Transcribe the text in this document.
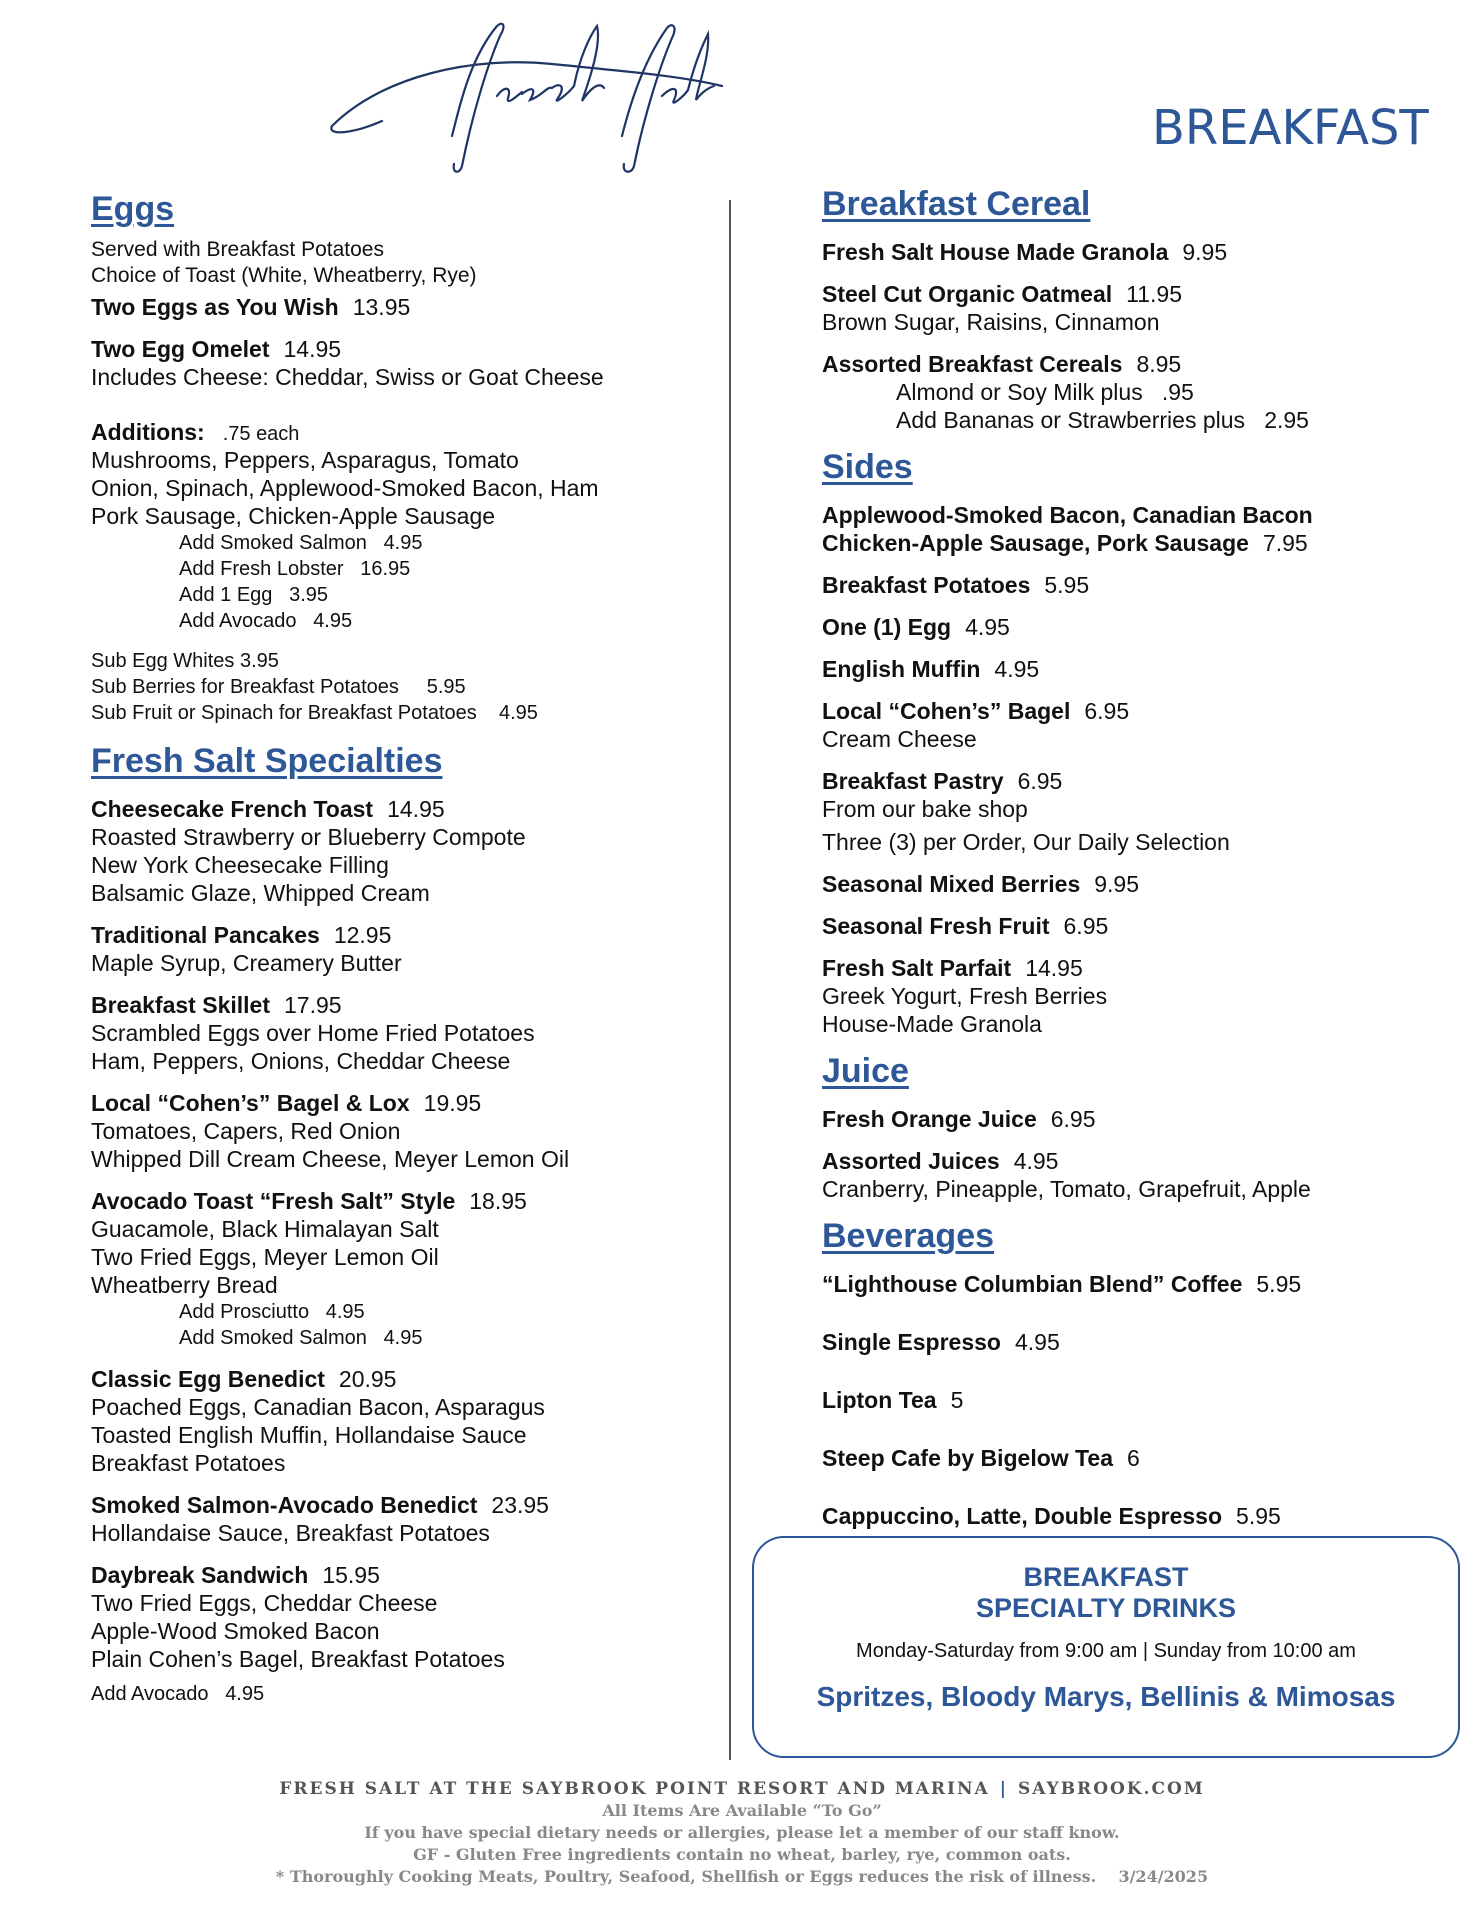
BREAKFAST
Eggs
Served with Breakfast Potatoes
Choice of Toast (White, Wheatberry, Rye)
Two Eggs as You Wish 13.95
Two Egg Omelet 14.95
Includes Cheese: Cheddar, Swiss or Goat Cheese
Additions: .75 each
Mushrooms, Peppers, Asparagus, Tomato
Onion, Spinach, Applewood-Smoked Bacon, Ham
Pork Sausage, Chicken-Apple Sausage
Add Smoked Salmon 4.95
Add Fresh Lobster 16.95
Add 1 Egg 3.95
Add Avocado 4.95
Sub Egg Whites 3.95
Sub Berries for Breakfast Potatoes 5.95
Sub Fruit or Spinach for Breakfast Potatoes 4.95
Fresh Salt Specialties
Cheesecake French Toast 14.95
Roasted Strawberry or Blueberry Compote
New York Cheesecake Filling
Balsamic Glaze, Whipped Cream
Traditional Pancakes 12.95
Maple Syrup, Creamery Butter
Breakfast Skillet 17.95
Scrambled Eggs over Home Fried Potatoes
Ham, Peppers, Onions, Cheddar Cheese
Local “Cohen’s” Bagel & Lox 19.95
Tomatoes, Capers, Red Onion
Whipped Dill Cream Cheese, Meyer Lemon Oil
Avocado Toast “Fresh Salt” Style 18.95
Guacamole, Black Himalayan Salt
Two Fried Eggs, Meyer Lemon Oil
Wheatberry Bread
Add Prosciutto 4.95
Add Smoked Salmon 4.95
Classic Egg Benedict 20.95
Poached Eggs, Canadian Bacon, Asparagus
Toasted English Muffin, Hollandaise Sauce
Breakfast Potatoes
Smoked Salmon-Avocado Benedict 23.95
Hollandaise Sauce, Breakfast Potatoes
Daybreak Sandwich 15.95
Two Fried Eggs, Cheddar Cheese
Apple-Wood Smoked Bacon
Plain Cohen’s Bagel, Breakfast Potatoes
Add Avocado 4.95
Breakfast Cereal
Fresh Salt House Made Granola 9.95
Steel Cut Organic Oatmeal 11.95
Brown Sugar, Raisins, Cinnamon
Assorted Breakfast Cereals 8.95
Almond or Soy Milk plus .95
Add Bananas or Strawberries plus 2.95
Sides
Applewood-Smoked Bacon, Canadian Bacon
Chicken-Apple Sausage, Pork Sausage 7.95
Breakfast Potatoes 5.95
One (1) Egg 4.95
English Muffin 4.95
Local “Cohen’s” Bagel 6.95
Cream Cheese
Breakfast Pastry 6.95
From our bake shop
Three (3) per Order, Our Daily Selection
Seasonal Mixed Berries 9.95
Seasonal Fresh Fruit 6.95
Fresh Salt Parfait 14.95
Greek Yogurt, Fresh Berries
House-Made Granola
Juice
Fresh Orange Juice 6.95
Assorted Juices 4.95
Cranberry, Pineapple, Tomato, Grapefruit, Apple
Beverages
“Lighthouse Columbian Blend” Coffee 5.95
Single Espresso 4.95
Lipton Tea 5
Steep Cafe by Bigelow Tea 6
Cappuccino, Latte, Double Espresso 5.95
BREAKFAST
SPECIALTY DRINKS
Monday-Saturday from 9:00 am | Sunday from 10:00 am
Spritzes, Bloody Marys, Bellinis & Mimosas
FRESH SALT AT THE SAYBROOK POINT RESORT AND MARINA | SAYBROOK.COM
All Items Are Available “To Go”
If you have special dietary needs or allergies, please let a member of our staff know.
GF - Gluten Free ingredients contain no wheat, barley, rye, common oats.
* Thoroughly Cooking Meats, Poultry, Seafood, Shellfish or Eggs reduces the risk of illness. 3/24/2025
